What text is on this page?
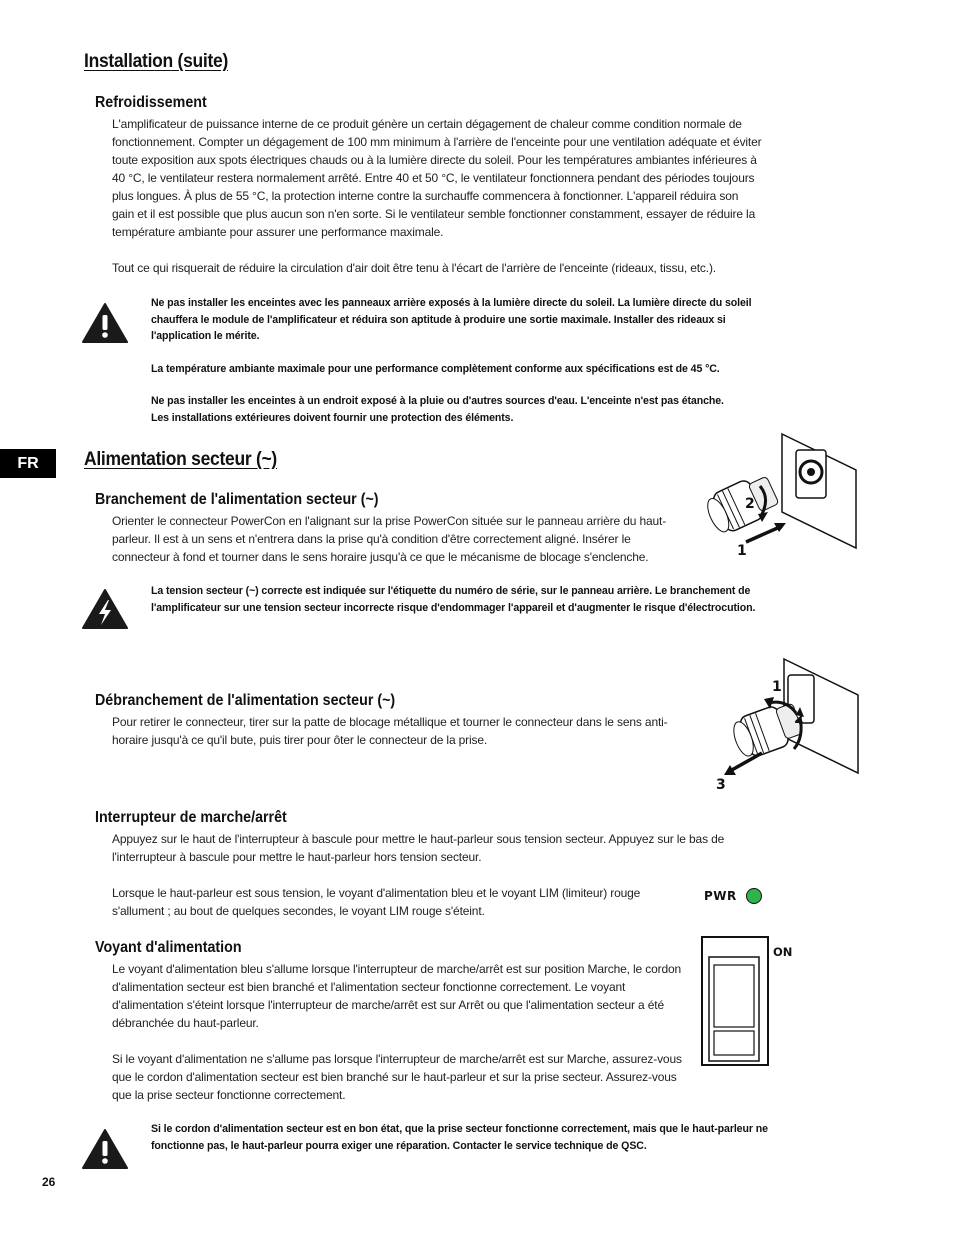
Installation (suite)
Refroidissement
L'amplificateur de puissance interne de ce produit génère un certain dégagement de chaleur comme condition normale de fonctionnement. Compter un dégagement de 100 mm minimum à l'arrière de l'enceinte pour une ventilation adéquate et éviter toute exposition aux spots électriques chauds ou à la lumière directe du soleil. Pour les températures ambiantes inférieures à 40 °C, le ventilateur restera normalement arrêté. Entre 40 et 50 °C, le ventilateur fonctionnera pendant des périodes toujours plus longues. À plus de 55 °C, la protection interne contre la surchauffe commencera à fonctionner. L'appareil réduira son gain et il est possible que plus aucun son n'en sorte. Si le ventilateur semble fonctionner constamment, essayer de réduire la température ambiante pour assurer une performance maximale.
Tout ce qui risquerait de réduire la circulation d'air doit être tenu à l'écart de l'arrière de l'enceinte (rideaux, tissu, etc.).
Ne pas installer les enceintes avec les panneaux arrière exposés à la lumière directe du soleil. La lumière directe du soleil chauffera le module de l'amplificateur et réduira son aptitude à produire une sortie maximale. Installer des rideaux si l'application le mérite.
La température ambiante maximale pour une performance complètement conforme aux spécifications est de 45 °C.
Ne pas installer les enceintes à un endroit exposé à la pluie ou d'autres sources d'eau. L'enceinte n'est pas étanche. Les installations extérieures doivent fournir une protection des éléments.
FR	Alimentation secteur (~)
Branchement de l'alimentation secteur (~)
Orienter le connecteur PowerCon en l'alignant sur la prise PowerCon située sur le panneau arrière du haut-parleur. Il est à un sens et n'entrera dans la prise qu'à condition d'être correctement aligné. Insérer le connecteur à fond et tourner dans le sens horaire jusqu'à ce que le mécanisme de blocage s'enclenche.
2
1
La tension secteur (~) correcte est indiquée sur l'étiquette du numéro de série, sur le panneau arrière. Le branchement de l'amplificateur sur une tension secteur incorrecte risque d'endommager l'appareil et d'augmenter le risque d'électrocution.
Débranchement de l'alimentation secteur (~)
Pour retirer le connecteur, tirer sur la patte de blocage métallique et tourner le connecteur dans le sens anti-horaire jusqu'à ce qu'il bute, puis tirer pour ôter le connecteur de la prise.
1
2
3
Interrupteur de marche/arrêt
Appuyez sur le haut de l'interrupteur à bascule pour mettre le haut-parleur sous tension secteur. Appuyez sur le bas de l'interrupteur à bascule pour mettre le haut-parleur hors tension secteur.
Lorsque le haut-parleur est sous tension, le voyant d'alimentation bleu et le voyant LIM (limiteur) rouge s'allument ; au bout de quelques secondes, le voyant LIM rouge s'éteint.
PWR
Voyant d'alimentation
Le voyant d'alimentation bleu s'allume lorsque l'interrupteur de marche/arrêt est sur position Marche, le cordon d'alimentation secteur est bien branché et l'alimentation secteur fonctionne correctement. Le voyant d'alimentation s'éteint lorsque l'interrupteur de marche/arrêt est sur Arrêt ou que l'alimentation secteur a été débranchée du haut-parleur.
Si le voyant d'alimentation ne s'allume pas lorsque l'interrupteur de marche/arrêt est sur Marche, assurez-vous que le cordon d'alimentation secteur est bien branché sur le haut-parleur et sur la prise secteur. Assurez-vous que la prise secteur fonctionne correctement.
ON
Si le cordon d'alimentation secteur est en bon état, que la prise secteur fonctionne correctement, mais que le haut-parleur ne fonctionne pas, le haut-parleur pourra exiger une réparation. Contacter le service technique de QSC.
26
